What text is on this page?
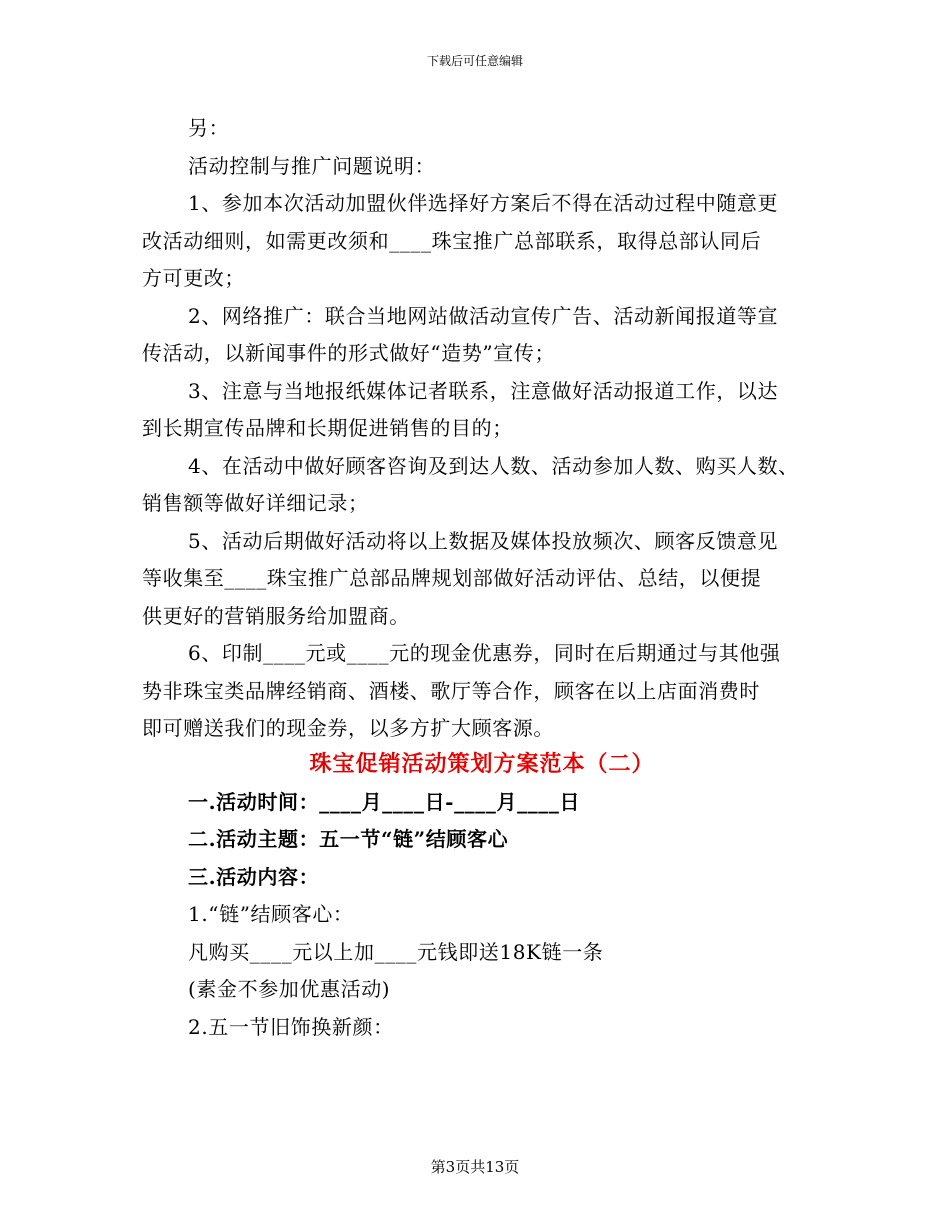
下载后可任意编辑
另：
活动控制与推广问题说明：
1、参加本次活动加盟伙伴选择好方案后不得在活动过程中随意更
改活动细则，如需更改须和____珠宝推广总部联系，取得总部认同后
方可更改；
2、网络推广：联合当地网站做活动宣传广告、活动新闻报道等宣
传活动，以新闻事件的形式做好“造势”宣传；
3、注意与当地报纸媒体记者联系，注意做好活动报道工作，以达
到长期宣传品牌和长期促进销售的目的；
4、在活动中做好顾客咨询及到达人数、活动参加人数、购买人数、
销售额等做好详细记录；
5、活动后期做好活动将以上数据及媒体投放频次、顾客反馈意见
等收集至____珠宝推广总部品牌规划部做好活动评估、总结，以便提
供更好的营销服务给加盟商。
6、印制____元或____元的现金优惠券，同时在后期通过与其他强
势非珠宝类品牌经销商、酒楼、歌厅等合作，顾客在以上店面消费时
即可赠送我们的现金券，以多方扩大顾客源。
珠宝促销活动策划方案范本（二）
一.活动时间：____月____日-____月____日
二.活动主题：五一节“链”结顾客心
三.活动内容：
1.“链”结顾客心：
凡购买____元以上加____元钱即送18K链一条
(素金不参加优惠活动)
2.五一节旧饰换新颜：
第3页共13页
